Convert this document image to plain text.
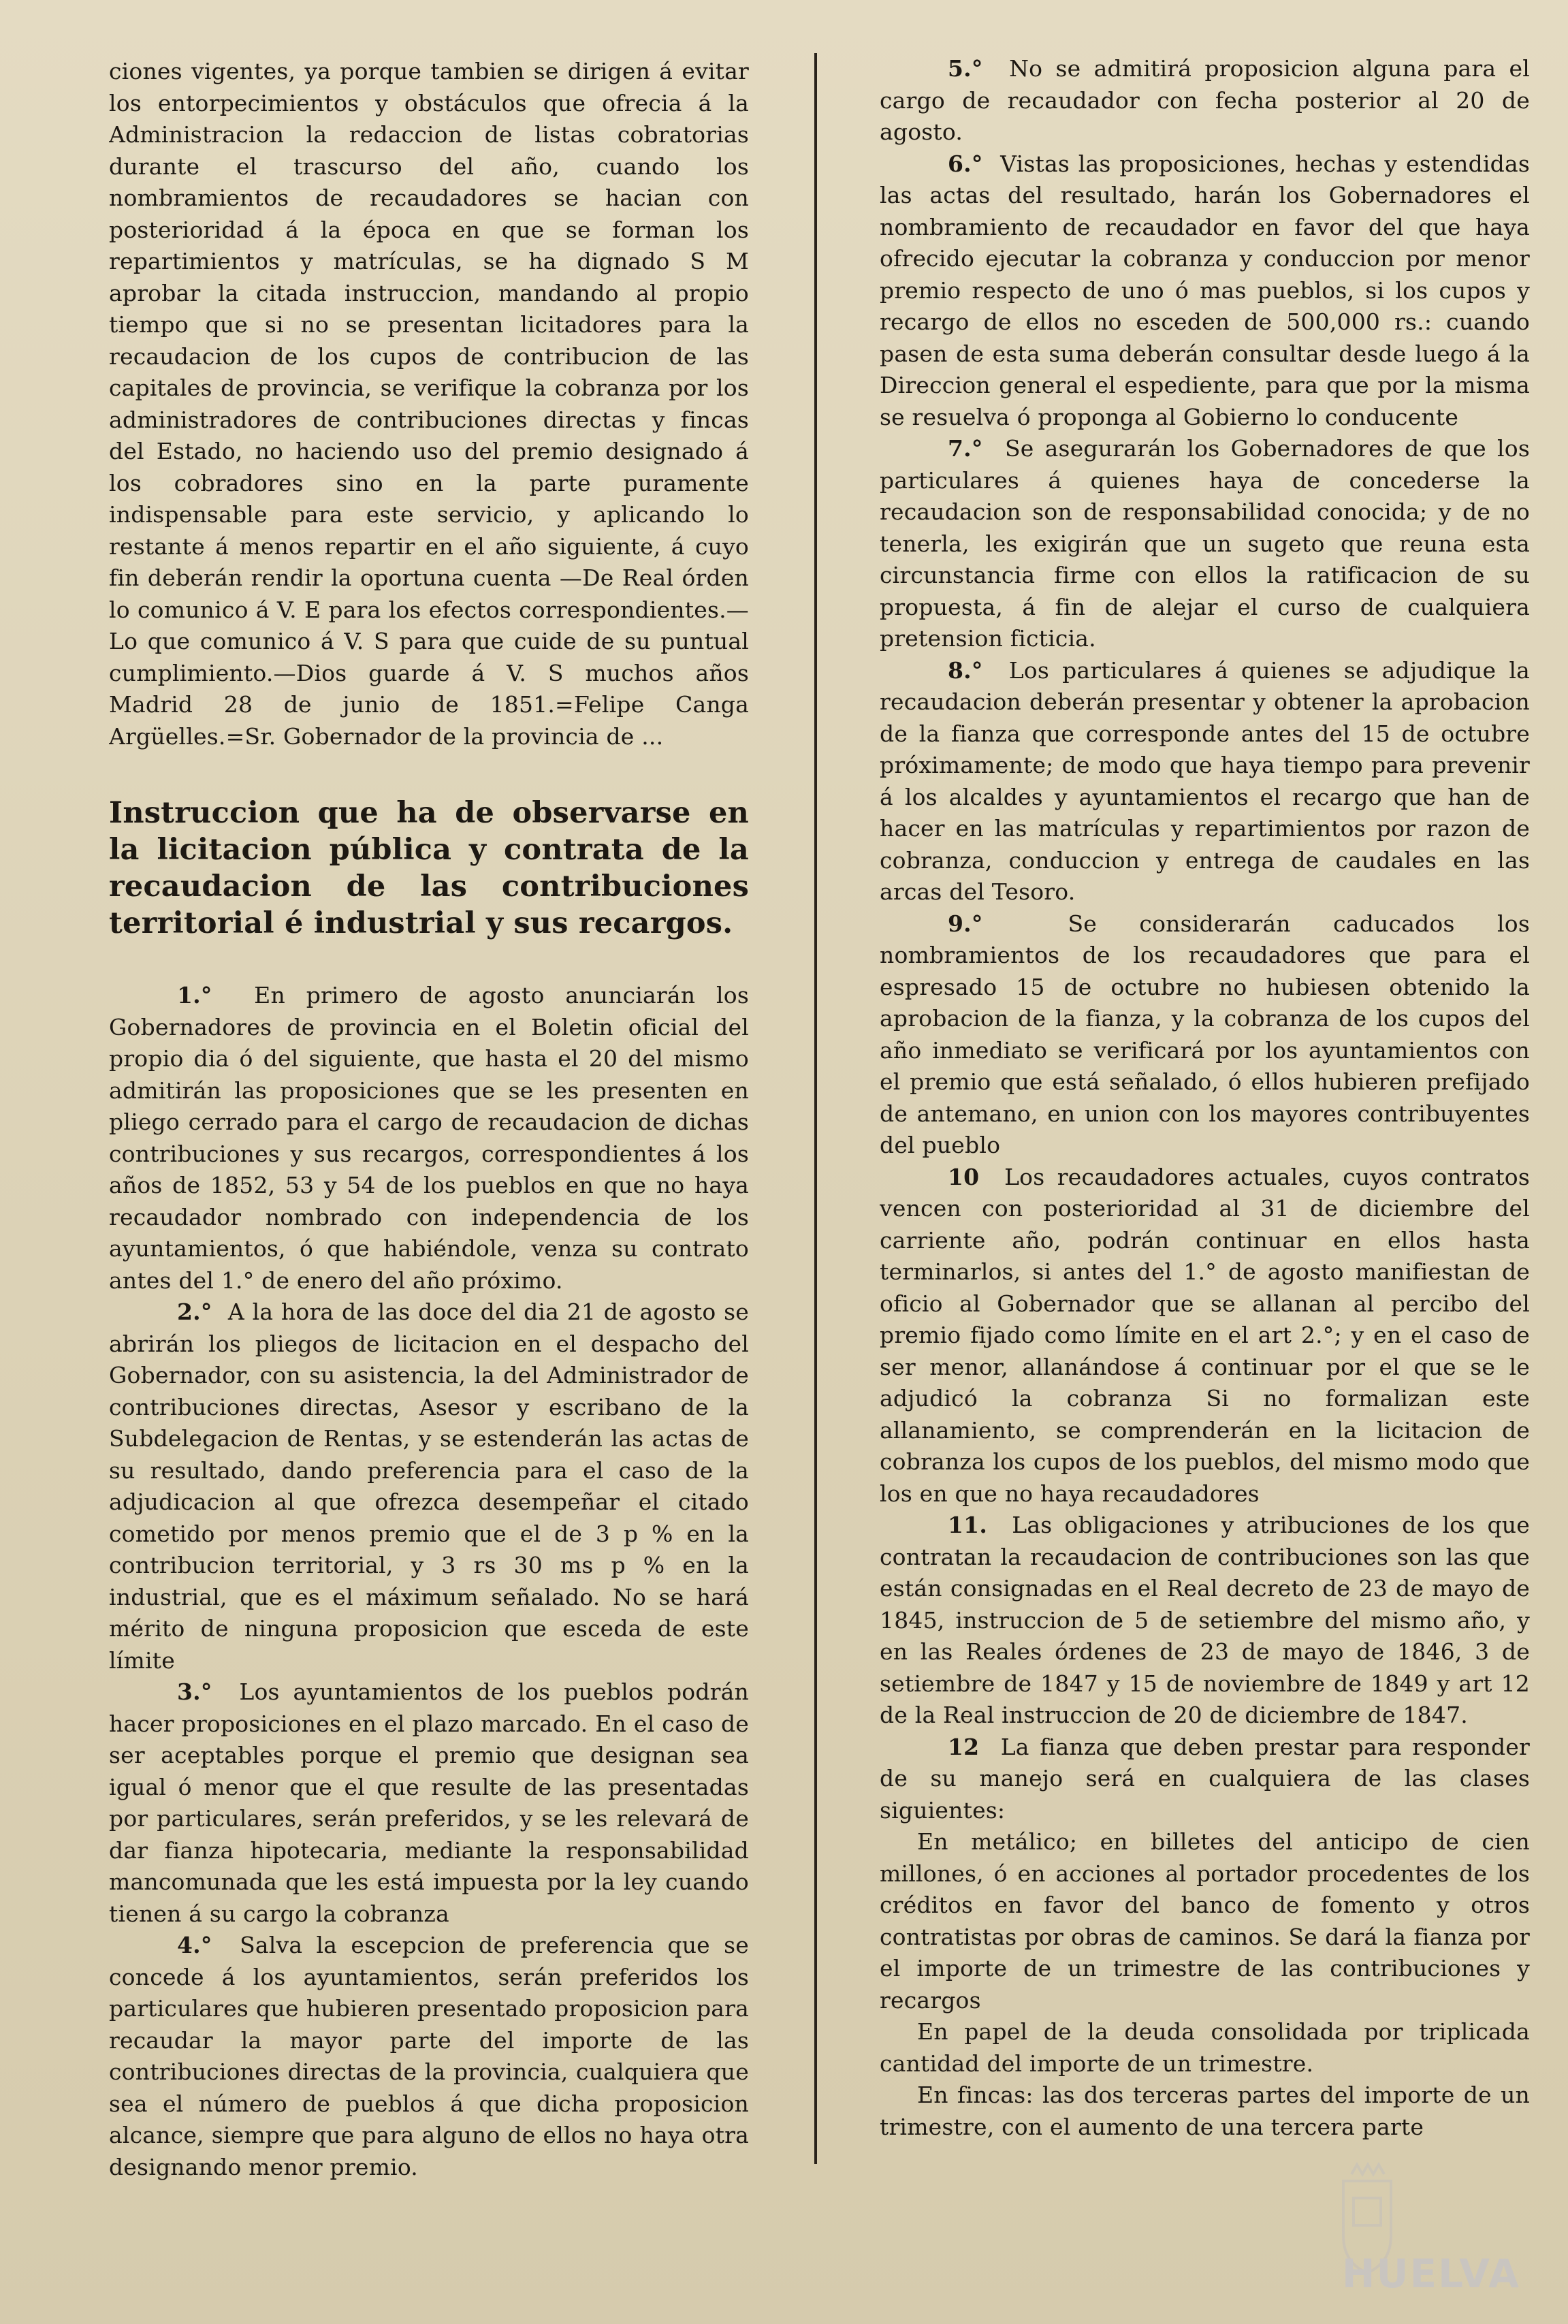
ciones vigentes, ya porque tambien se dirigen á evitar los entorpecimientos y obstáculos que ofrecia á la Administracion la redaccion de listas cobratorias durante el trascurso del año, cuando los nombramientos de recaudadores se hacian con posterioridad á la época en que se forman los repartimientos y matrículas, se ha dignado S M aprobar la citada instruccion, mandando al propio tiempo que si no se presentan licitadores para la recaudacion de los cupos de contribucion de las capitales de provincia, se verifique la cobranza por los administradores de contribuciones directas y fincas del Estado, no haciendo uso del premio designado á los cobradores sino en la parte puramente indispensable para este servicio, y aplicando lo restante á menos repartir en el año siguiente, á cuyo fin deberán rendir la oportuna cuenta —De Real órden lo comunico á V. E para los efectos correspondientes.—Lo que comunico á V. S para que cuide de su puntual cumplimiento.—Dios guarde á V. S muchos años Madrid 28 de junio de 1851.=Felipe Canga Argüelles.=Sr. Gobernador de la provincia de ...

Instruccion que ha de observarse en la licitacion pública y contrata de la recaudacion de las contribuciones territorial é industrial y sus recargos.

1.° En primero de agosto anunciarán los Gobernadores de provincia en el Boletin oficial del propio dia ó del siguiente, que hasta el 20 del mismo admitirán las proposiciones que se les presenten en pliego cerrado para el cargo de recaudacion de dichas contribuciones y sus recargos, correspondientes á los años de 1852, 53 y 54 de los pueblos en que no haya recaudador nombrado con independencia de los ayuntamientos, ó que habiéndole, venza su contrato antes del 1.° de enero del año próximo.

2.° A la hora de las doce del dia 21 de agosto se abrirán los pliegos de licitacion en el despacho del Gobernador, con su asistencia, la del Administrador de contribuciones directas, Asesor y escribano de la Subdelegacion de Rentas, y se estenderán las actas de su resultado, dando preferencia para el caso de la adjudicacion al que ofrezca desempeñar el citado cometido por menos premio que el de 3 p % en la contribucion territorial, y 3 rs 30 ms p % en la industrial, que es el máximum señalado. No se hará mérito de ninguna proposicion que esceda de este límite

3.° Los ayuntamientos de los pueblos podrán hacer proposiciones en el plazo marcado. En el caso de ser aceptables porque el premio que designan sea igual ó menor que el que resulte de las presentadas por particulares, serán preferidos, y se les relevará de dar fianza hipotecaria, mediante la responsabilidad mancomunada que les está impuesta por la ley cuando tienen á su cargo la cobranza

4.° Salva la escepcion de preferencia que se concede á los ayuntamientos, serán preferidos los particulares que hubieren presentado proposicion para recaudar la mayor parte del importe de las contribuciones directas de la provincia, cualquiera que sea el número de pueblos á que dicha proposicion alcance, siempre que para alguno de ellos no haya otra designando menor premio.

5.° No se admitirá proposicion alguna para el cargo de recaudador con fecha posterior al 20 de agosto.

6.° Vistas las proposiciones, hechas y estendidas las actas del resultado, harán los Gobernadores el nombramiento de recaudador en favor del que haya ofrecido ejecutar la cobranza y conduccion por menor premio respecto de uno ó mas pueblos, si los cupos y recargo de ellos no esceden de 500,000 rs.: cuando pasen de esta suma deberán consultar desde luego á la Direccion general el espediente, para que por la misma se resuelva ó proponga al Gobierno lo conducente

7.° Se asegurarán los Gobernadores de que los particulares á quienes haya de concederse la recaudacion son de responsabilidad conocida; y de no tenerla, les exigirán que un sugeto que reuna esta circunstancia firme con ellos la ratificacion de su propuesta, á fin de alejar el curso de cualquiera pretension ficticia.

8.° Los particulares á quienes se adjudique la recaudacion deberán presentar y obtener la aprobacion de la fianza que corresponde antes del 15 de octubre próximamente; de modo que haya tiempo para prevenir á los alcaldes y ayuntamientos el recargo que han de hacer en las matrículas y repartimientos por razon de cobranza, conduccion y entrega de caudales en las arcas del Tesoro.

9.°	Se considerarán caducados los nombramientos de los recaudadores que para el espresado 15 de octubre no hubiesen obtenido la aprobacion de la fianza, y la cobranza de los cupos del año inmediato se verificará por los ayuntamientos con el premio que está señalado, ó ellos hubieren prefijado de antemano, en union con los mayores contribuyentes del pueblo

10 Los recaudadores actuales, cuyos contratos vencen con posterioridad al 31 de diciembre del carriente año, podrán continuar en ellos hasta terminarlos, si antes del 1.° de agosto manifiestan de oficio al Gobernador que se allanan al percibo del premio fijado como límite en el art 2.°; y en el caso de ser menor, allanándose á continuar por el que se le adjudicó la cobranza Si no formalizan este allanamiento, se comprenderán en la licitacion de cobranza los cupos de los pueblos, del mismo modo que los en que no haya recaudadores

11. Las obligaciones y atribuciones de los que contratan la recaudacion de contribuciones son las que están consignadas en el Real decreto de 23 de mayo de 1845, instruccion de 5 de setiembre del mismo año, y en las Reales órdenes de 23 de mayo de 1846, 3 de setiembre de 1847 y 15 de noviembre de 1849 y art 12 de la Real instruccion de 20 de diciembre de 1847.

12 La fianza que deben prestar para responder de su manejo será en cualquiera de las clases siguientes:

En metálico; en billetes del anticipo de cien millones, ó en acciones al portador procedentes de los créditos en favor del banco de fomento y otros contratistas por obras de caminos. Se dará la fianza por el importe de un trimestre de las contribuciones y recargos

En papel de la deuda consolidada por triplicada cantidad del importe de un trimestre.

En fincas: las dos terceras partes del importe de un trimestre, con el aumento de una tercera parte

HUELVA
